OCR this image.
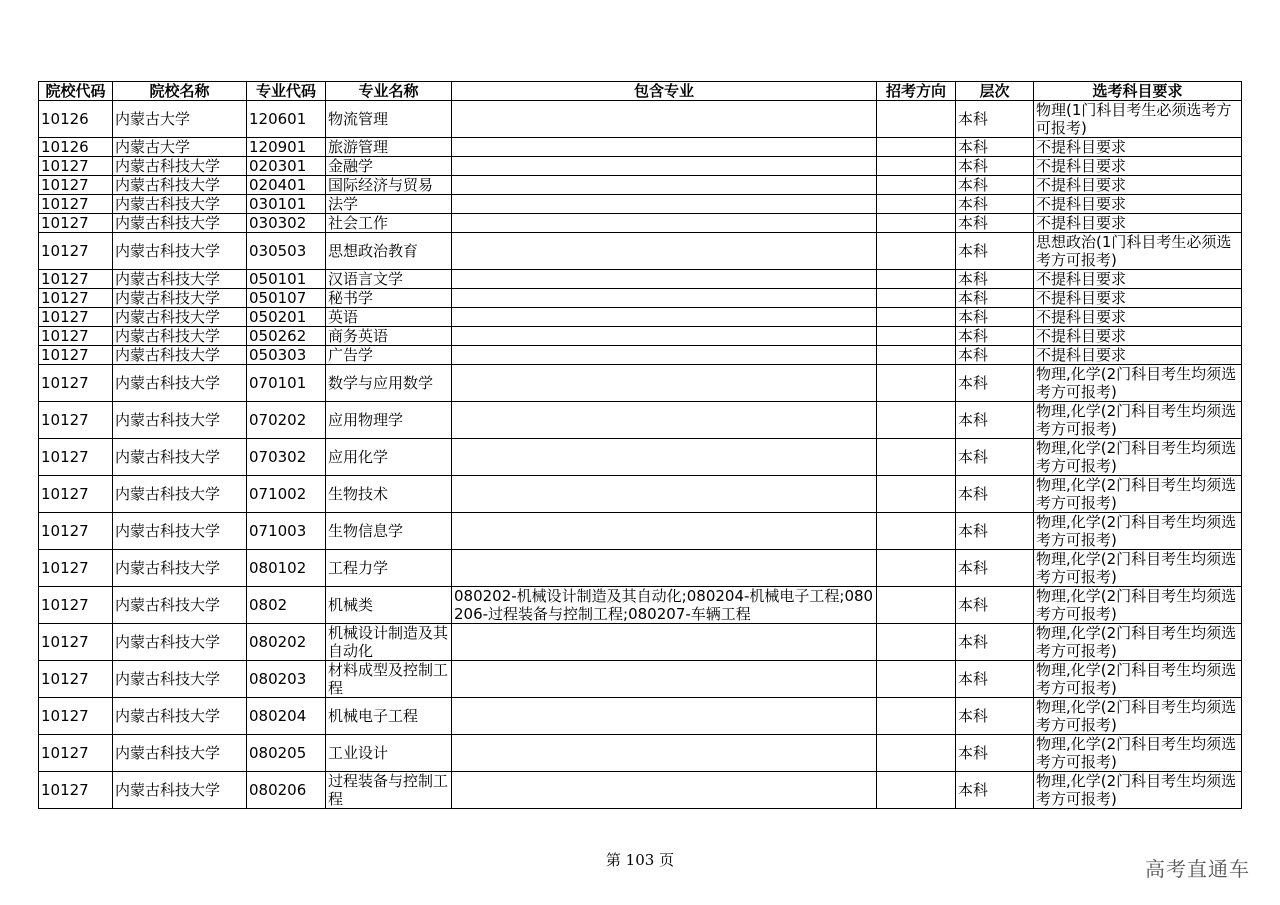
院校代码	院校名称	专业代码	专业名称	包含专业	招考方向	层次	选考科目要求
10126	内蒙古大学	120601	物流管理			本科	物理(1门科目考生必须选考方可报考)
10126	内蒙古大学	120901	旅游管理			本科	不提科目要求
10127	内蒙古科技大学	020301	金融学			本科	不提科目要求
10127	内蒙古科技大学	020401	国际经济与贸易			本科	不提科目要求
10127	内蒙古科技大学	030101	法学			本科	不提科目要求
10127	内蒙古科技大学	030302	社会工作			本科	不提科目要求
10127	内蒙古科技大学	030503	思想政治教育			本科	思想政治(1门科目考生必须选考方可报考)
10127	内蒙古科技大学	050101	汉语言文学			本科	不提科目要求
10127	内蒙古科技大学	050107	秘书学			本科	不提科目要求
10127	内蒙古科技大学	050201	英语			本科	不提科目要求
10127	内蒙古科技大学	050262	商务英语			本科	不提科目要求
10127	内蒙古科技大学	050303	广告学			本科	不提科目要求
10127	内蒙古科技大学	070101	数学与应用数学			本科	物理,化学(2门科目考生均须选考方可报考)
10127	内蒙古科技大学	070202	应用物理学			本科	物理,化学(2门科目考生均须选考方可报考)
10127	内蒙古科技大学	070302	应用化学			本科	物理,化学(2门科目考生均须选考方可报考)
10127	内蒙古科技大学	071002	生物技术			本科	物理,化学(2门科目考生均须选考方可报考)
10127	内蒙古科技大学	071003	生物信息学			本科	物理,化学(2门科目考生均须选考方可报考)
10127	内蒙古科技大学	080102	工程力学			本科	物理,化学(2门科目考生均须选考方可报考)
10127	内蒙古科技大学	0802	机械类	080202-机械设计制造及其自动化;080204-机械电子工程;080206-过程装备与控制工程;080207-车辆工程		本科	物理,化学(2门科目考生均须选考方可报考)
10127	内蒙古科技大学	080202	机械设计制造及其自动化			本科	物理,化学(2门科目考生均须选考方可报考)
10127	内蒙古科技大学	080203	材料成型及控制工程			本科	物理,化学(2门科目考生均须选考方可报考)
10127	内蒙古科技大学	080204	机械电子工程			本科	物理,化学(2门科目考生均须选考方可报考)
10127	内蒙古科技大学	080205	工业设计			本科	物理,化学(2门科目考生均须选考方可报考)
10127	内蒙古科技大学	080206	过程装备与控制工程			本科	物理,化学(2门科目考生均须选考方可报考)
第 103 页	高考直通车
